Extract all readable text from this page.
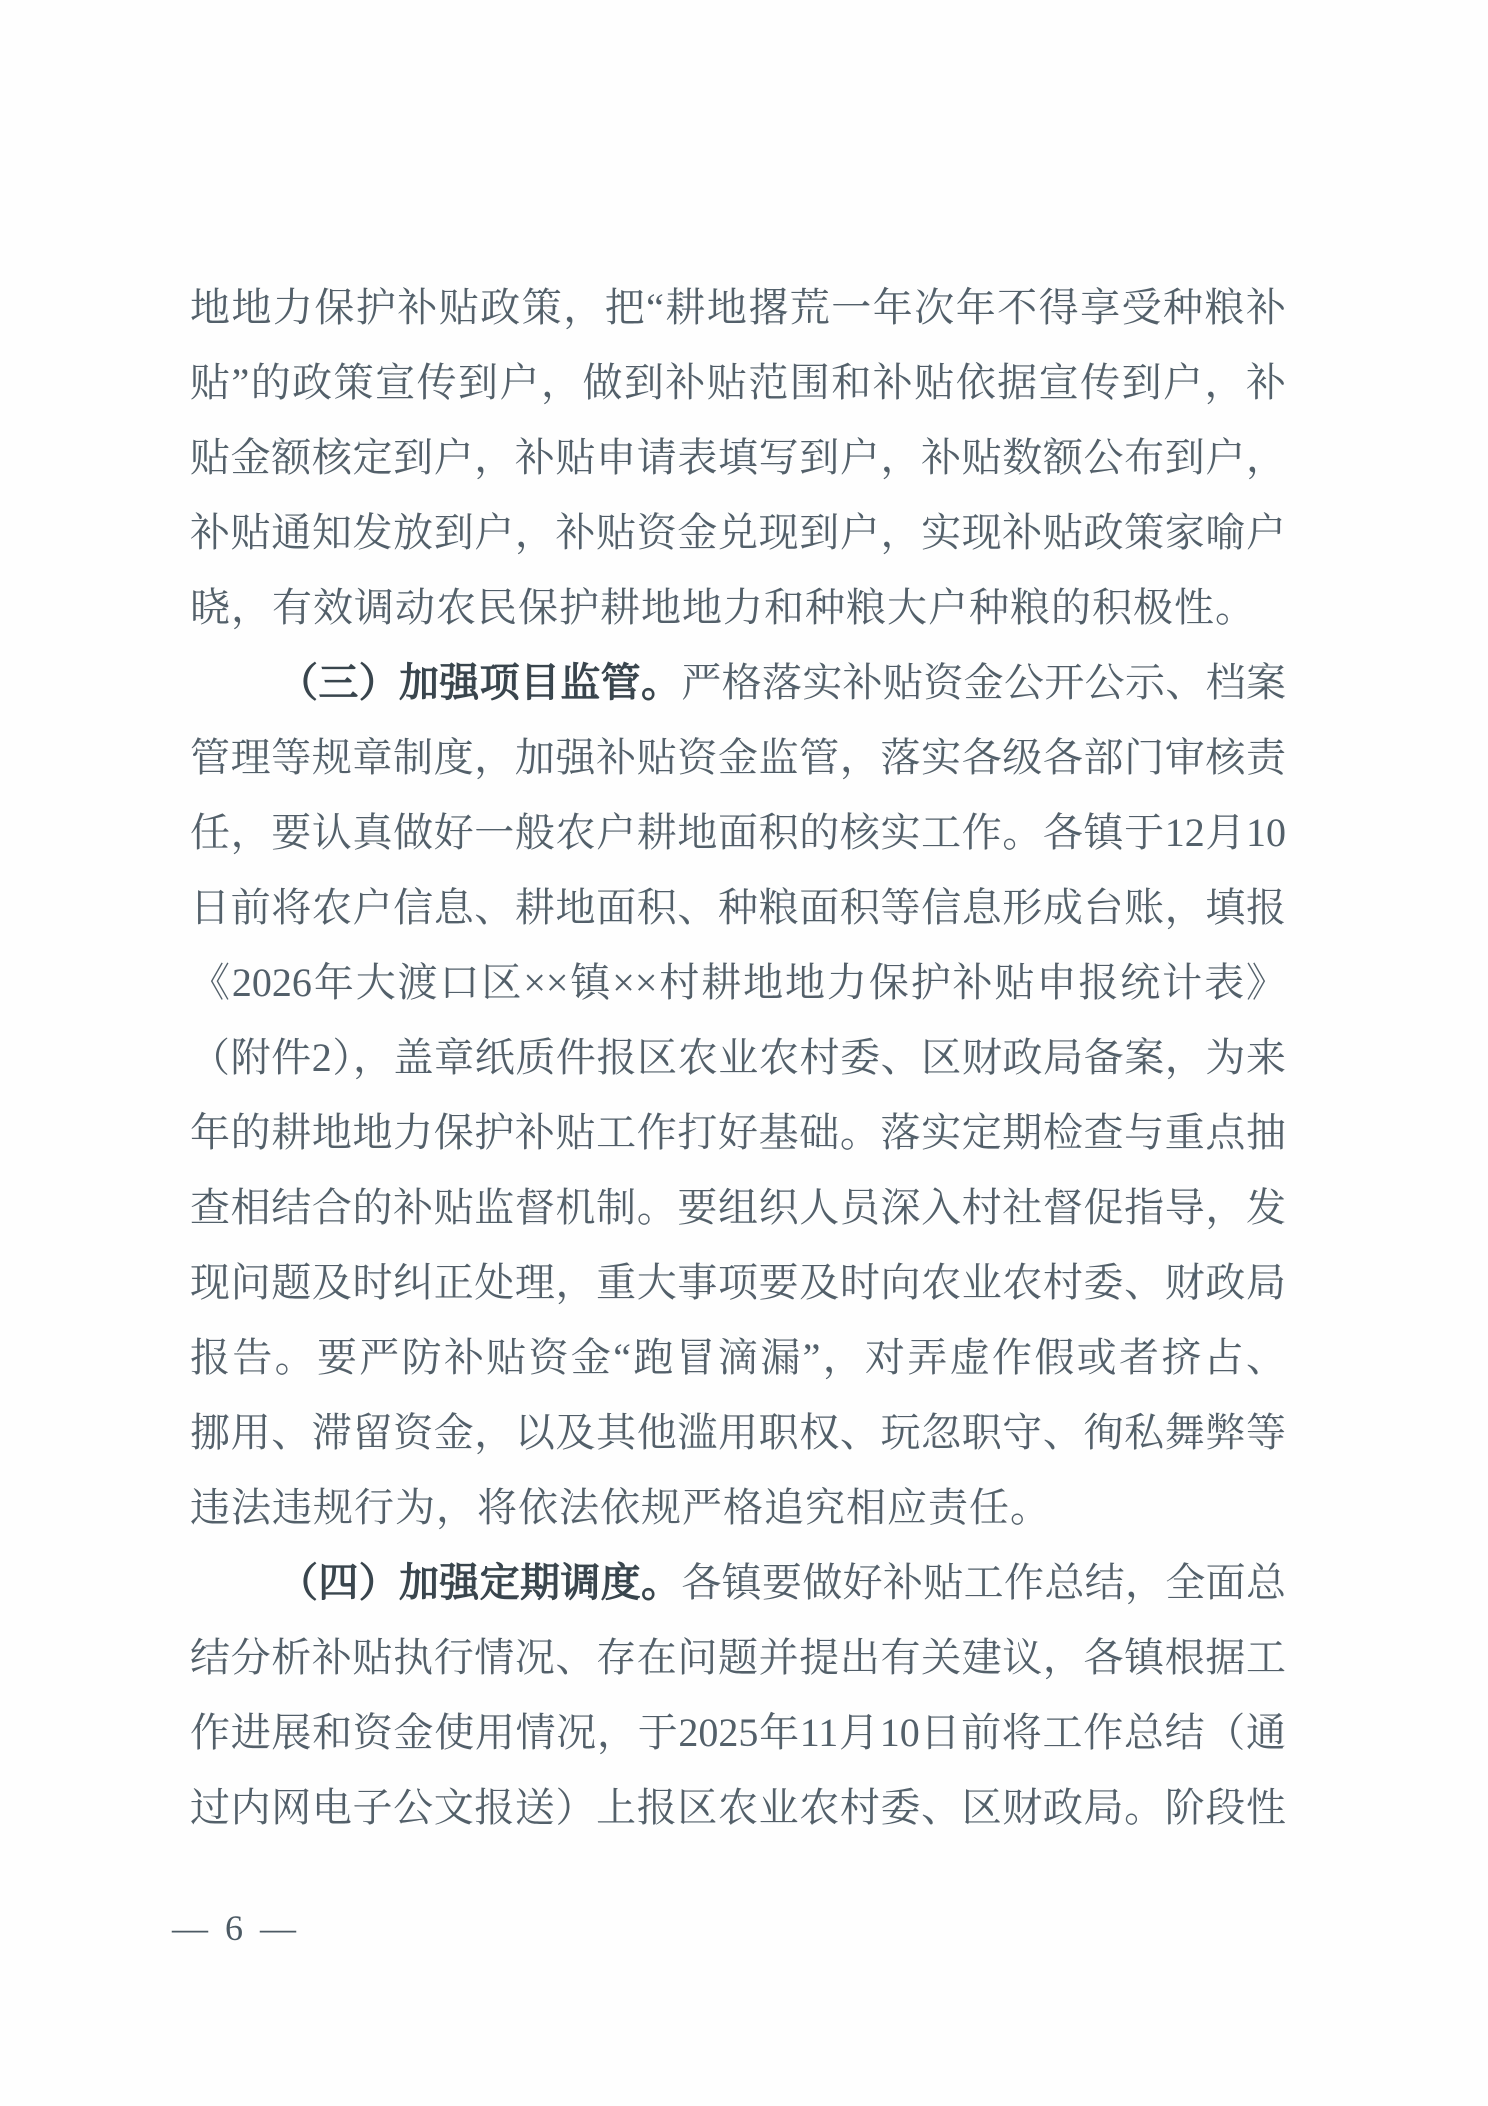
地地力保护补贴政策，把“耕地撂荒一年次年不得享受种粮补
贴”的政策宣传到户，做到补贴范围和补贴依据宣传到户，补
贴金额核定到户，补贴申请表填写到户，补贴数额公布到户，
补贴通知发放到户，补贴资金兑现到户，实现补贴政策家喻户
晓，有效调动农民保护耕地地力和种粮大户种粮的积极性。
（三）加强项目监管。严格落实补贴资金公开公示、档案
管理等规章制度，加强补贴资金监管，落实各级各部门审核责
任，要认真做好一般农户耕地面积的核实工作。各镇于12月10
日前将农户信息、耕地面积、种粮面积等信息形成台账，填报
《2026年大渡口区××镇××村耕地地力保护补贴申报统计表》
（附件2），盖章纸质件报区农业农村委、区财政局备案，为来
年的耕地地力保护补贴工作打好基础。落实定期检查与重点抽
查相结合的补贴监督机制。要组织人员深入村社督促指导，发
现问题及时纠正处理，重大事项要及时向农业农村委、财政局
报告。要严防补贴资金“跑冒滴漏”，对弄虚作假或者挤占、
挪用、滞留资金，以及其他滥用职权、玩忽职守、徇私舞弊等
违法违规行为，将依法依规严格追究相应责任。
（四）加强定期调度。各镇要做好补贴工作总结，全面总
结分析补贴执行情况、存在问题并提出有关建议，各镇根据工
作进展和资金使用情况，于2025年11月10日前将工作总结（通
过内网电子公文报送）上报区农业农村委、区财政局。阶段性
— 6 —
